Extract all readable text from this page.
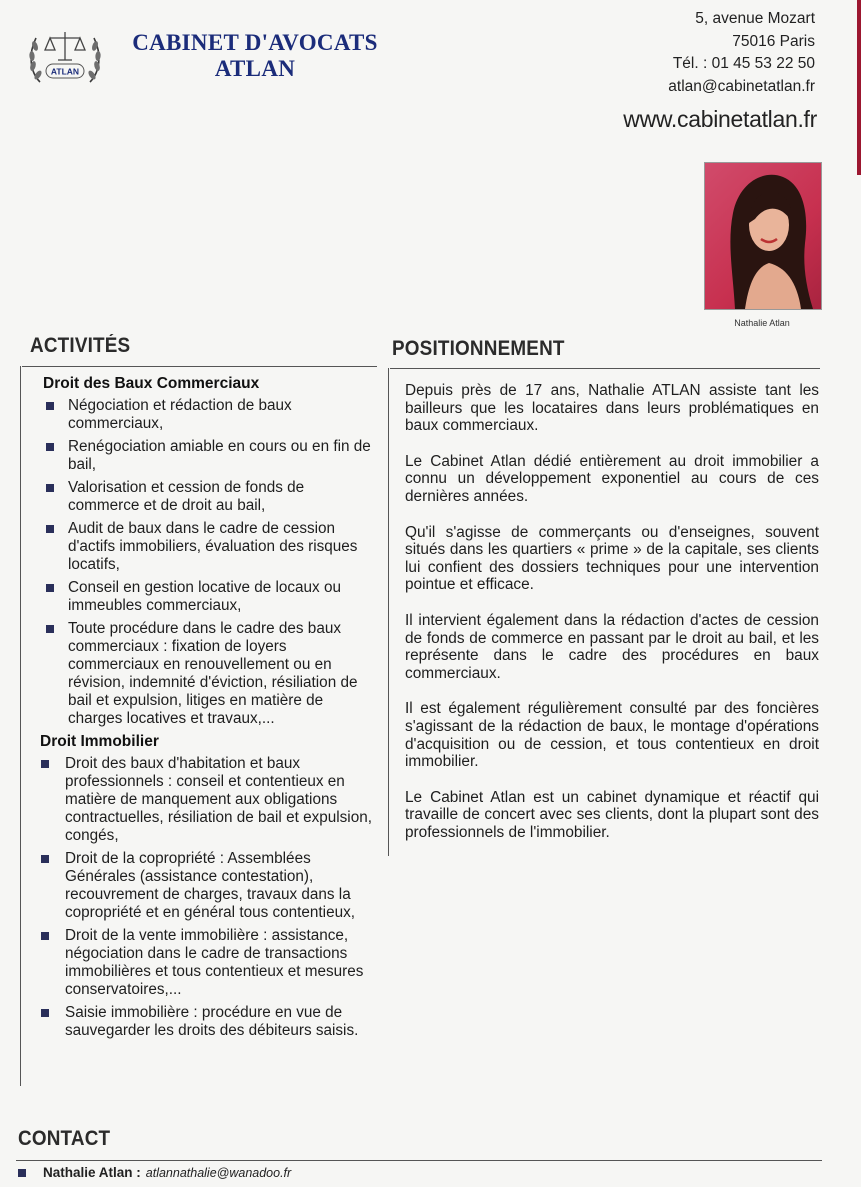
ATLAN
CABINET D'AVOCATS
ATLAN
5, avenue Mozart
75016 Paris
Tél. : 01 45 53 22 50
atlan@cabinetatlan.fr
www.cabinetatlan.fr
Nathalie Atlan
ACTIVITÉS	POSITIONNEMENT
Droit des Baux Commerciaux
Négociation et rédaction de baux commerciaux,
Renégociation amiable en cours ou en fin de bail,
Valorisation et cession de fonds de commerce et de droit au bail,
Audit de baux dans le cadre de cession d'actifs immobiliers, évaluation des risques locatifs,
Conseil en gestion locative de locaux ou immeubles commerciaux,
Toute procédure dans le cadre des baux commerciaux : fixation de loyers commerciaux en renouvellement ou en révision, indemnité d'éviction, résiliation de bail et expulsion, litiges en matière de charges locatives et travaux,...
Droit Immobilier
Droit des baux d'habitation et baux professionnels : conseil et contentieux en matière de manquement aux obligations contractuelles, résiliation de bail et expulsion, congés,
Droit de la copropriété : Assemblées Générales (assistance contestation), recouvrement de charges, travaux dans la copropriété et en général tous contentieux,
Droit de la vente immobilière : assistance, négociation dans le cadre de transactions immobilières et tous contentieux et mesures conservatoires,...
Saisie immobilière : procédure en vue de sauvegarder les droits des débiteurs saisis.

Depuis près de 17 ans, Nathalie ATLAN assiste tant les bailleurs que les locataires dans leurs problématiques en baux commerciaux.

Le Cabinet Atlan dédié entièrement au droit immobilier a connu un développement exponentiel au cours de ces dernières années.

Qu'il s'agisse de commerçants ou d'enseignes, souvent situés dans les quartiers « prime » de la capitale, ses clients lui confient des dossiers techniques pour une intervention pointue et efficace.

Il intervient également dans la rédaction d'actes de cession de fonds de commerce en passant par le droit au bail, et les représente dans le cadre des procédures en baux commerciaux.

Il est également régulièrement consulté par des foncières s'agissant de la rédaction de baux, le montage d'opérations d'acquisition ou de cession, et tous contentieux en droit immobilier.

Le Cabinet Atlan est un cabinet dynamique et réactif qui travaille de concert avec ses clients, dont la plupart sont des professionnels de l'immobilier.

CONTACT
Nathalie Atlan : atlannathalie@wanadoo.fr
